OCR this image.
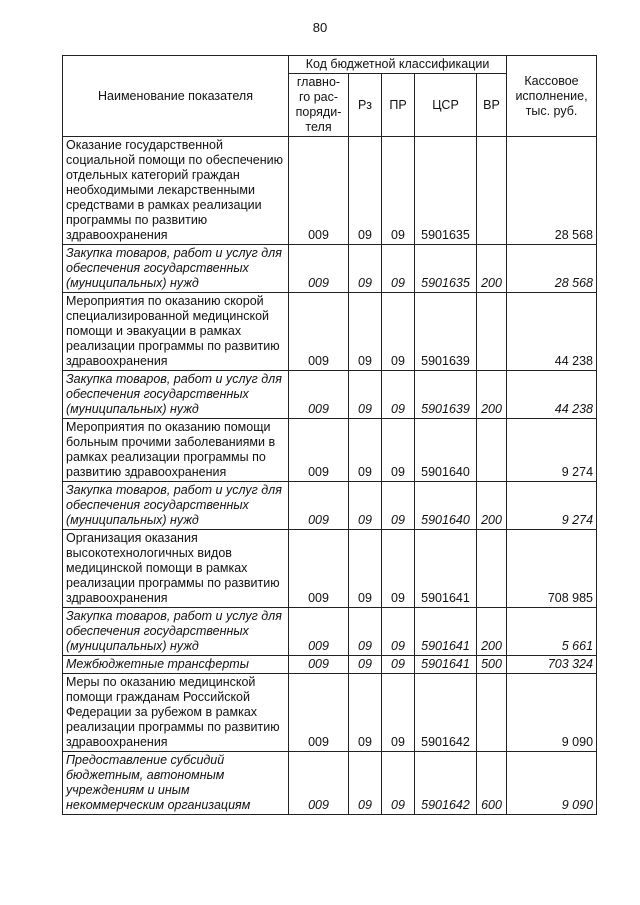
80
Наименование показателя	Код бюджетной классификации					Кассовое исполнение, тыс. руб.
	главно-го рас-поряди-теля	Рз	ПР	ЦСР	ВР	
Оказание государственной социальной помощи по обеспечению отдельных категорий граждан необходимыми лекарственными средствами в рамках реализации программы по развитию здравоохранения	009	09	09	5901635		28 568
Закупка товаров, работ и услуг для обеспечения государственных (муниципальных) нужд	009	09	09	5901635	200	28 568
Мероприятия по оказанию скорой специализированной медицинской помощи и эвакуации в рамках реализации программы по развитию здравоохранения	009	09	09	5901639		44 238
Закупка товаров, работ и услуг для обеспечения государственных (муниципальных) нужд	009	09	09	5901639	200	44 238
Мероприятия по оказанию помощи больным прочими заболеваниями в рамках реализации программы по развитию здравоохранения	009	09	09	5901640		9 274
Закупка товаров, работ и услуг для обеспечения государственных (муниципальных) нужд	009	09	09	5901640	200	9 274
Организация оказания высокотехнологичных видов медицинской помощи в рамках реализации программы по развитию здравоохранения	009	09	09	5901641		708 985
Закупка товаров, работ и услуг для обеспечения государственных (муниципальных) нужд	009	09	09	5901641	200	5 661
Межбюджетные трансферты	009	09	09	5901641	500	703 324
Меры по оказанию медицинской помощи гражданам Российской Федерации за рубежом в рамках реализации программы по развитию здравоохранения	009	09	09	5901642		9 090
Предоставление субсидий бюджетным, автономным учреждениям и иным некоммерческим организациям	009	09	09	5901642	600	9 090
